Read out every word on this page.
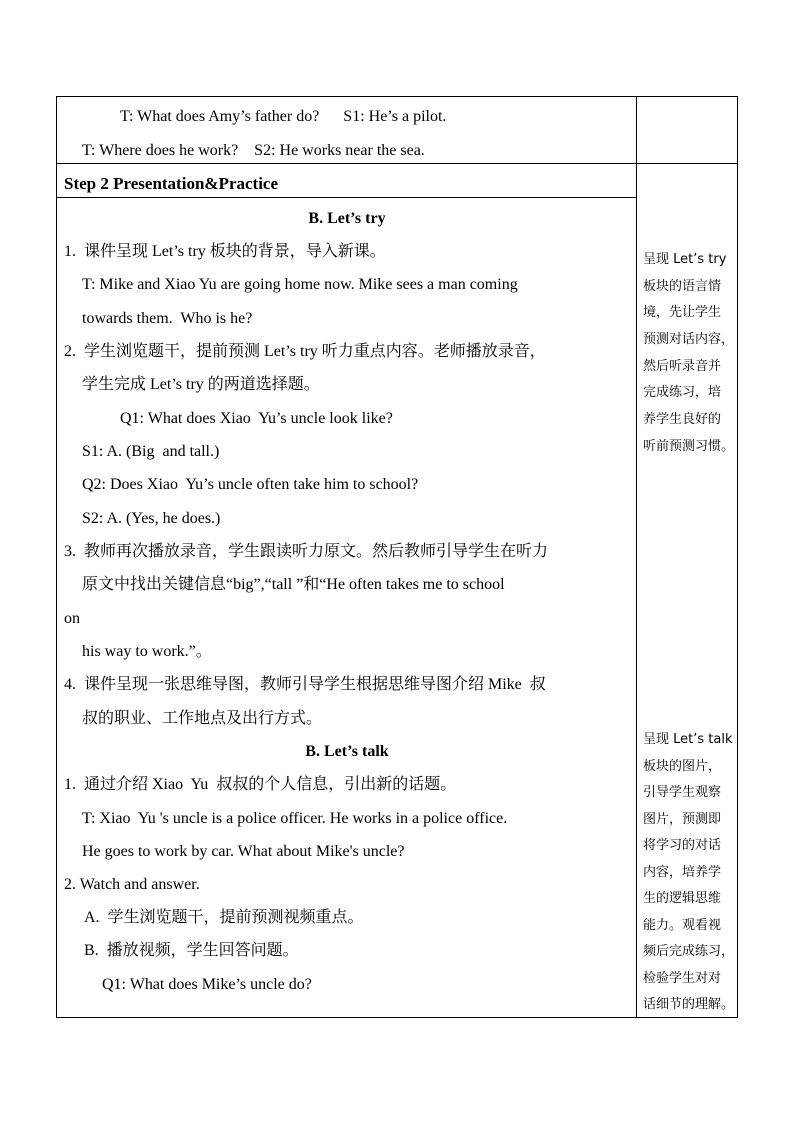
T: What does Amy’s father do?      S1: He’s a pilot.
T: Where does he work?    S2: He works near the sea.
Step 2 Presentation&Practice
B. Let’s try
1.  课件呈现 Let’s try 板块的背景，导入新课。
T: Mike and Xiao Yu are going home now. Mike sees a man coming
towards them.  Who is he?
2.  学生浏览题干，提前预测 Let’s try 听力重点内容。老师播放录音，
学生完成 Let’s try 的两道选择题。
Q1: What does Xiao  Yu’s uncle look like?
S1: A. (Big  and tall.)
Q2: Does Xiao  Yu’s uncle often take him to school?
S2: A. (Yes, he does.)
3.  教师再次播放录音，学生跟读听力原文。然后教师引导学生在听力
原文中找出关键信息“big”,“tall ”和“He often takes me to school
on
his way to work.”。
4.  课件呈现一张思维导图，教师引导学生根据思维导图介绍 Mike  叔
叔的职业、工作地点及出行方式。
B. Let’s talk
1.  通过介绍 Xiao  Yu  叔叔的个人信息，引出新的话题。
T: Xiao  Yu 's uncle is a police officer. He works in a police office.
He goes to work by car. What about Mike's uncle?
2. Watch and answer.
A.  学生浏览题干，提前预测视频重点。
B.  播放视频，学生回答问题。
Q1: What does Mike’s uncle do?
呈现 Let’s try
板块的语言情
境，先让学生
预测对话内容，
然后听录音并
完成练习，培
养学生良好的
听前预测习惯。
呈现 Let’s talk
板块的图片，
引导学生观察
图片，预测即
将学习的对话
内容，培养学
生的逻辑思维
能力。观看视
频后完成练习，
检验学生对对
话细节的理解。
